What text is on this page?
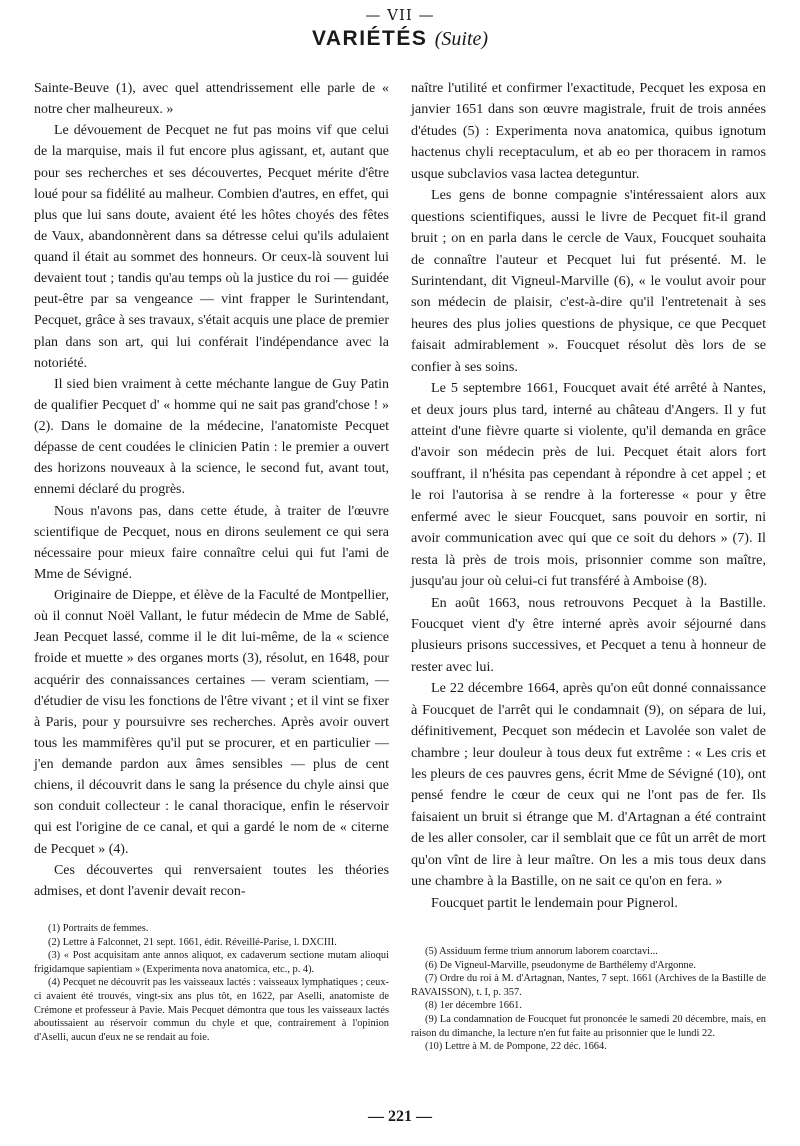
— VII —
VARIÉTÉS (Suite)

Sainte-Beuve (1), avec quel attendrissement elle parle de « notre cher malheureux. »

Le dévouement de Pecquet ne fut pas moins vif que celui de la marquise, mais il fut encore plus agissant, et, autant que pour ses recherches et ses découvertes, Pecquet mérite d'être loué pour sa fidélité au malheur. Combien d'autres, en effet, qui plus que lui sans doute, avaient été les hôtes choyés des fêtes de Vaux, abandonnèrent dans sa détresse celui qu'ils adulaient quand il était au sommet des honneurs. Or ceux-là souvent lui devaient tout ; tandis qu'au temps où la justice du roi — guidée peut-être par sa vengeance — vint frapper le Surintendant, Pecquet, grâce à ses travaux, s'était acquis une place de premier plan dans son art, qui lui conférait l'indépendance avec la notoriété.

Il sied bien vraiment à cette méchante langue de Guy Patin de qualifier Pecquet d' « homme qui ne sait pas grand'chose ! » (2). Dans le domaine de la médecine, l'anatomiste Pecquet dépasse de cent coudées le clinicien Patin : le premier a ouvert des horizons nouveaux à la science, le second fut, avant tout, ennemi déclaré du progrès.

Nous n'avons pas, dans cette étude, à traiter de l'œuvre scientifique de Pecquet, nous en dirons seulement ce qui sera nécessaire pour mieux faire connaître celui qui fut l'ami de Mme de Sévigné.

Originaire de Dieppe, et élève de la Faculté de Montpellier, où il connut Noël Vallant, le futur médecin de Mme de Sablé, Jean Pecquet lassé, comme il le dit lui-même, de la « science froide et muette » des organes morts (3), résolut, en 1648, pour acquérir des connaissances certaines — veram scientiam, — d'étudier de visu les fonctions de l'être vivant ; et il vint se fixer à Paris, pour y poursuivre ses recherches. Après avoir ouvert tous les mammifères qu'il put se procurer, et en particulier — j'en demande pardon aux âmes sensibles — plus de cent chiens, il découvrit dans le sang la présence du chyle ainsi que son conduit collecteur : le canal thoracique, enfin le réservoir qui est l'origine de ce canal, et qui a gardé le nom de « citerne de Pecquet » (4).

Ces découvertes qui renversaient toutes les théories admises, et dont l'avenir devait recon-

naître l'utilité et confirmer l'exactitude, Pecquet les exposa en janvier 1651 dans son œuvre magistrale, fruit de trois années d'études (5) : Experimenta nova anatomica, quibus ignotum hactenus chyli receptaculum, et ab eo per thoracem in ramos usque subclavios vasa lactea deteguntur.

Les gens de bonne compagnie s'intéressaient alors aux questions scientifiques, aussi le livre de Pecquet fit-il grand bruit ; on en parla dans le cercle de Vaux, Foucquet souhaita de connaître l'auteur et Pecquet lui fut présenté. M. le Surintendant, dit Vigneul-Marville (6), « le voulut avoir pour son médecin de plaisir, c'est-à-dire qu'il l'entretenait à ses heures des plus jolies questions de physique, ce que Pecquet faisait admirablement ». Foucquet résolut dès lors de se confier à ses soins.

Le 5 septembre 1661, Foucquet avait été arrêté à Nantes, et deux jours plus tard, interné au château d'Angers. Il y fut atteint d'une fièvre quarte si violente, qu'il demanda en grâce d'avoir son médecin près de lui. Pecquet était alors fort souffrant, il n'hésita pas cependant à répondre à cet appel ; et le roi l'autorisa à se rendre à la forteresse « pour y être enfermé avec le sieur Foucquet, sans pouvoir en sortir, ni avoir communication avec qui que ce soit du dehors » (7). Il resta là près de trois mois, prisonnier comme son maître, jusqu'au jour où celui-ci fut transféré à Amboise (8).

En août 1663, nous retrouvons Pecquet à la Bastille. Foucquet vient d'y être interné après avoir séjourné dans plusieurs prisons successives, et Pecquet a tenu à honneur de rester avec lui.

Le 22 décembre 1664, après qu'on eût donné connaissance à Foucquet de l'arrêt qui le condamnait (9), on sépara de lui, définitivement, Pecquet son médecin et Lavolée son valet de chambre ; leur douleur à tous deux fut extrême : « Les cris et les pleurs de ces pauvres gens, écrit Mme de Sévigné (10), ont pensé fendre le cœur de ceux qui ne l'ont pas de fer. Ils faisaient un bruit si étrange que M. d'Artagnan a été contraint de les aller consoler, car il semblait que ce fût un arrêt de mort qu'on vînt de lire à leur maître. On les a mis tous deux dans une chambre à la Bastille, on ne sait ce qu'on en fera. »

Foucquet partit le lendemain pour Pignerol.

(1) Portraits de femmes.

(2) Lettre à Falconnet, 21 sept. 1661, édit. Réveillé-Parise, l. DXCIII.

(3) « Post acquisitam ante annos aliquot, ex cadaverum sectione mutam alioqui frigidamque sapientiam » (Experimenta nova anatomica, etc., p. 4).

(4) Pecquet ne découvrit pas les vaisseaux lactés : vaisseaux lymphatiques ; ceux-ci avaient été trouvés, vingt-six ans plus tôt, en 1622, par Aselli, anatomiste de Crémone et professeur à Pavie. Mais Pecquet démontra que tous les vaisseaux lactés aboutissaient au réservoir commun du chyle et que, contrairement à l'opinion d'Aselli, aucun d'eux ne se rendait au foie.

(5) Assiduum ferme trium annorum laborem coarctavi...

(6) De Vigneul-Marville, pseudonyme de Barthélemy d'Argonne.

(7) Ordre du roi à M. d'Artagnan, Nantes, 7 sept. 1661 (Archives de la Bastille de RAVAISSON), t. I, p. 357.

(8) 1er décembre 1661.

(9) La condamnation de Foucquet fut prononcée le samedi 20 décembre, mais, en raison du dimanche, la lecture n'en fut faite au prisonnier que le lundi 22.

(10) Lettre à M. de Pompone, 22 déc. 1664.

— 221 —
